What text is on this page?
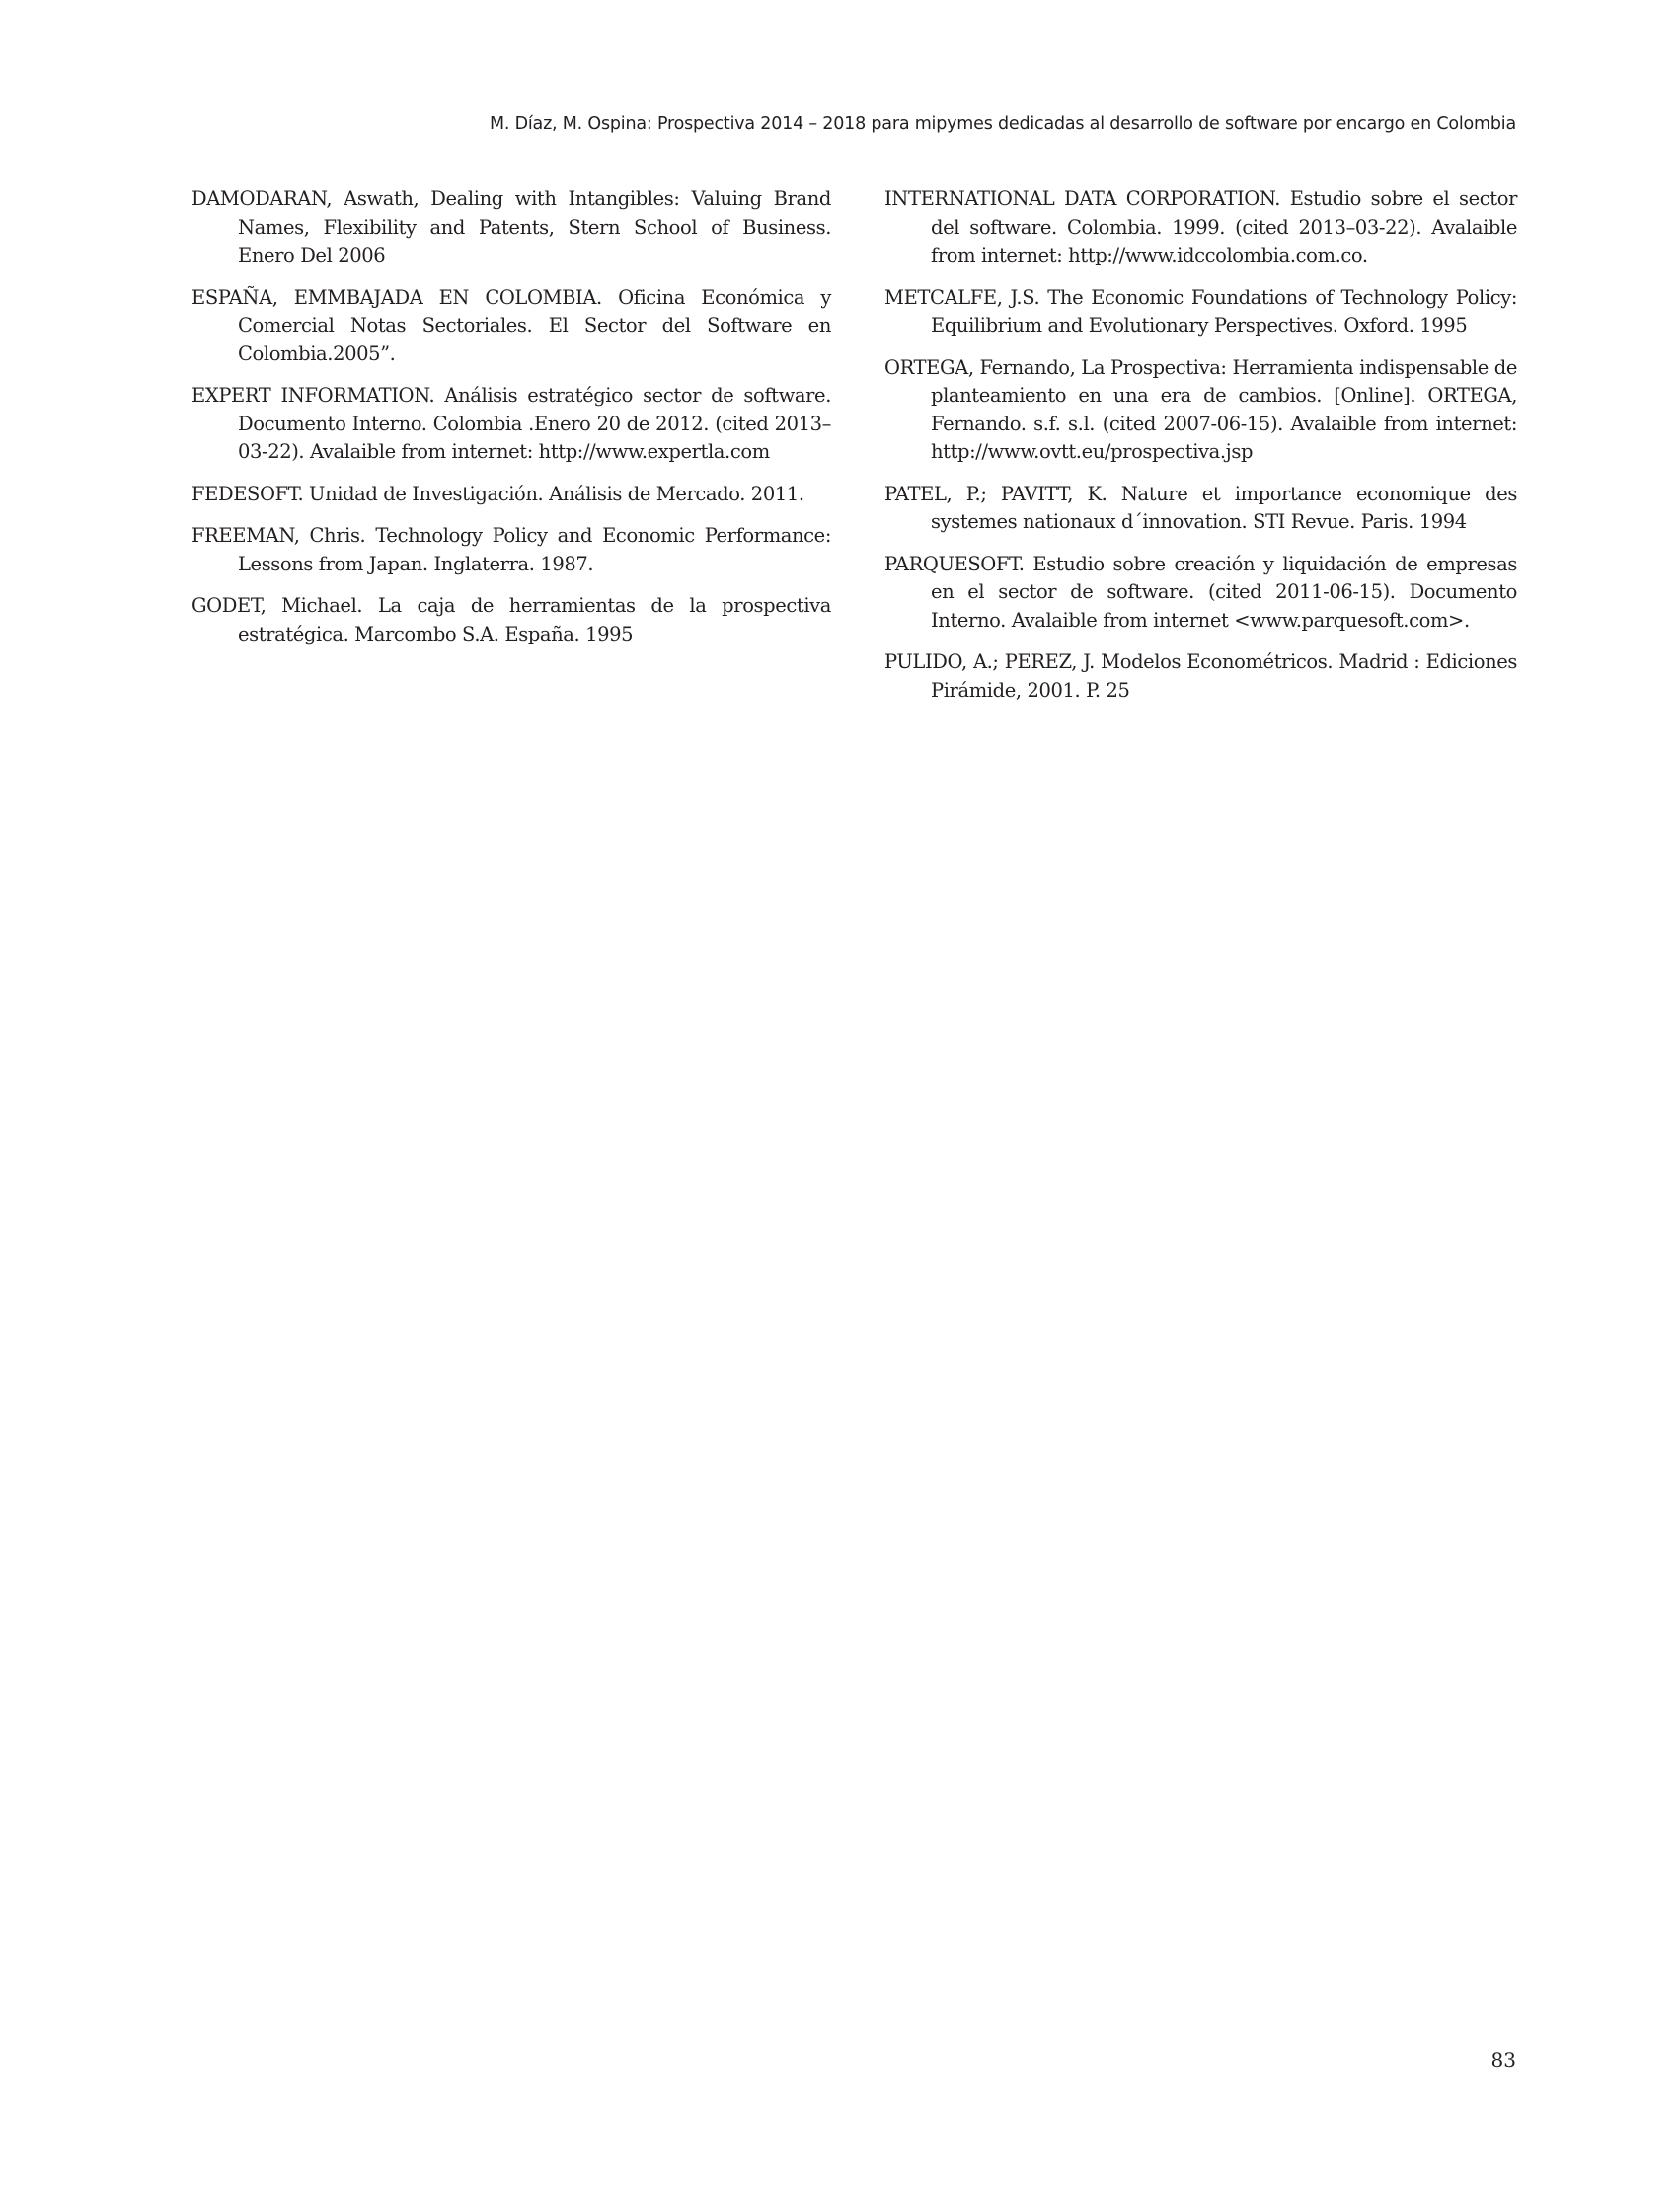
M. Díaz, M. Ospina: Prospectiva 2014 – 2018 para mipymes dedicadas al desarrollo de software por encargo en Colombia

DAMODARAN, Aswath, Dealing with Intangibles: Valuing Brand Names, Flexibility and Patents, Stern School of Business. Enero Del 2006

ESPAÑA, EMMBAJADA EN COLOMBIA. Oficina Económica y Comercial Notas Sectoriales. El Sector del Software en Colombia.2005”.

EXPERT INFORMATION. Análisis estratégico sector de software. Documento Interno. Colombia .Enero 20 de 2012. (cited 2013–03-22). Avalaible from internet: http://www.expertla.com

FEDESOFT. Unidad de Investigación. Análisis de Mercado. 2011.

FREEMAN, Chris. Technology Policy and Economic Performance: Lessons from Japan. Inglaterra. 1987.

GODET, Michael. La caja de herramientas de la prospectiva estratégica. Marcombo S.A. España. 1995

INTERNATIONAL DATA CORPORATION. Estudio sobre el sector del software. Colombia. 1999. (cited 2013–03-22). Avalaible from internet: http://www.idccolombia.com.co.

METCALFE, J.S. The Economic Foundations of Technology Policy: Equilibrium and Evolutionary Perspectives. Oxford. 1995

ORTEGA, Fernando, La Prospectiva: Herramienta indispensable de planteamiento en una era de cambios. [Online]. ORTEGA, Fernando. s.f. s.l. (cited 2007-06-15). Avalaible from internet: http://www.ovtt.eu/prospectiva.jsp

PATEL, P.; PAVITT, K. Nature et importance economique des systemes nationaux d´innovation. STI Revue. Paris. 1994

PARQUESOFT. Estudio sobre creación y liquidación de empresas en el sector de software. (cited 2011-06-15). Documento Interno. Avalaible from internet <www.parquesoft.com>.

PULIDO, A.; PEREZ, J. Modelos Econométricos. Madrid : Ediciones Pirámide, 2001. P. 25

83
